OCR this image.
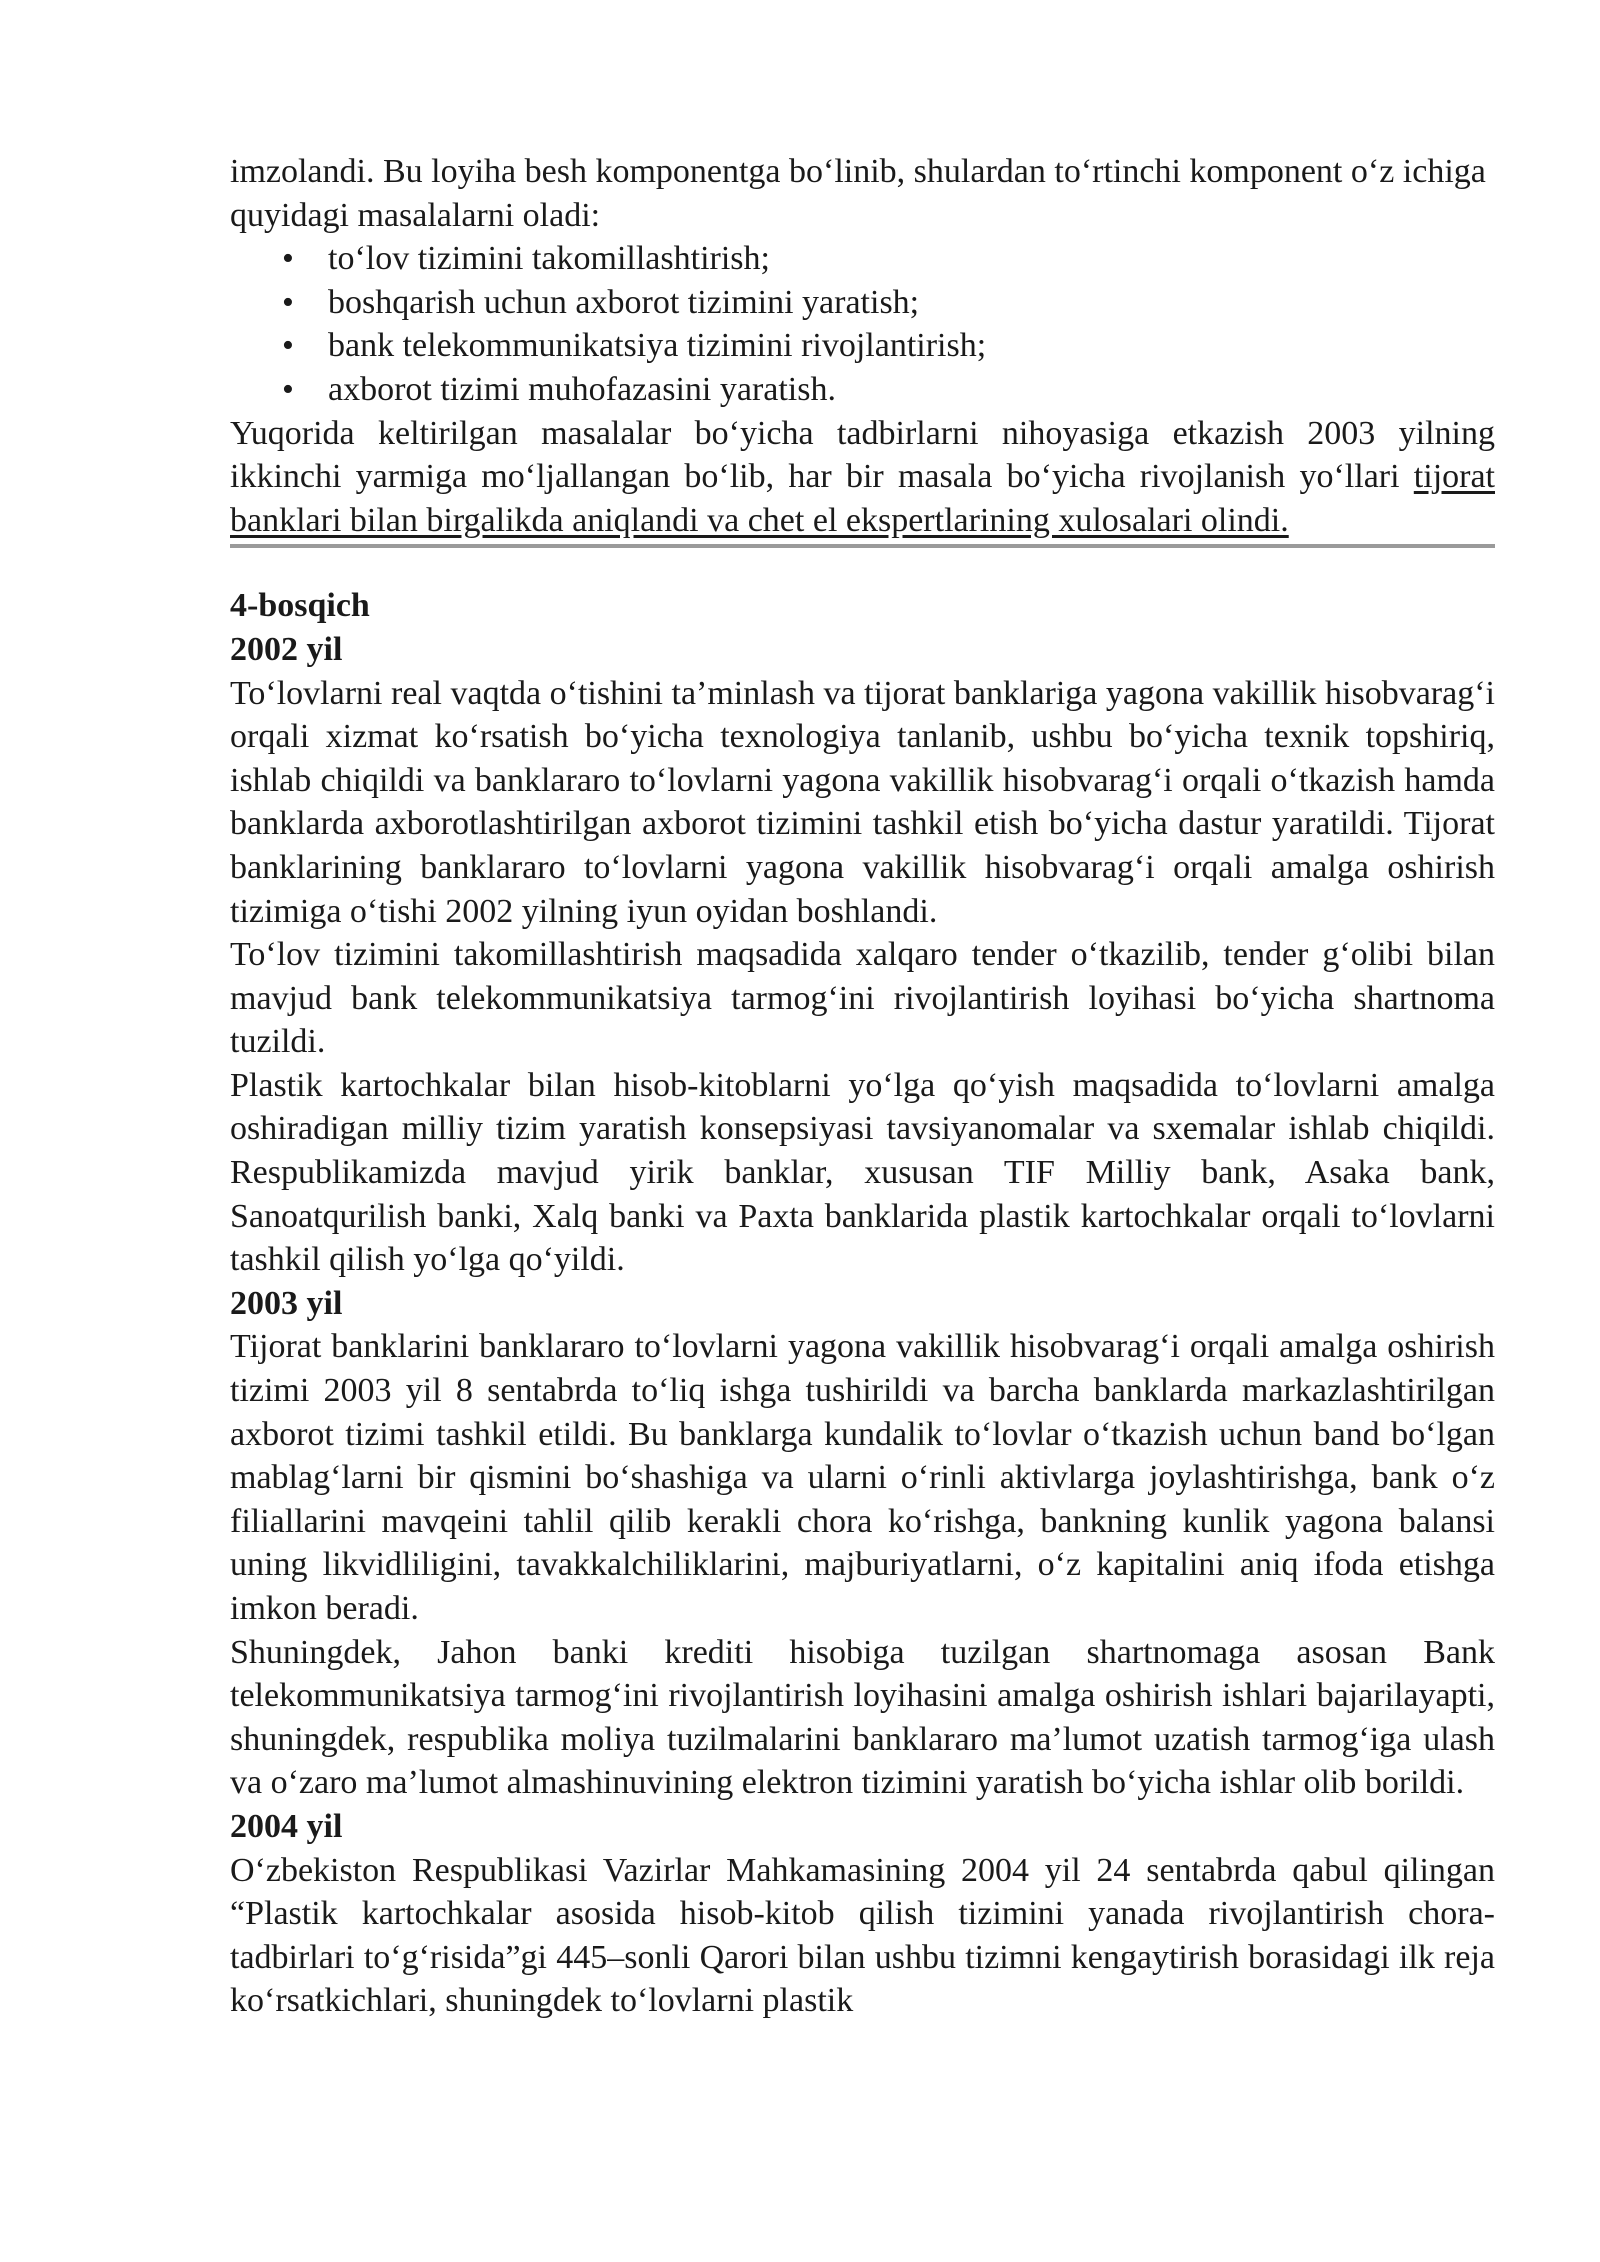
imzolandi. Bu loyiha besh komponentga bo‘linib, shulardan to‘rtinchi komponent o‘z ichiga quyidagi masalalarni oladi:

• to‘lov tizimini takomillashtirish;
• boshqarish uchun axborot tizimini yaratish;
• bank telekommunikatsiya tizimini rivojlantirish;
• axborot tizimi muhofazasini yaratish.

Yuqorida keltirilgan masalalar bo‘yicha tadbirlarni nihoyasiga etkazish 2003 yilning ikkinchi yarmiga mo‘ljallangan bo‘lib, har bir masala bo‘yicha rivojlanish yo‘llari tijorat banklari bilan birgalikda aniqlandi va chet el ekspertlarining xulosalari olindi.

4-bosqich
2002 yil

To‘lovlarni real vaqtda o‘tishini ta’minlash va tijorat banklariga yagona vakillik hisobvarag‘i orqali xizmat ko‘rsatish bo‘yicha texnologiya tanlanib, ushbu bo‘yicha texnik topshiriq, ishlab chiqildi va banklararo to‘lovlarni yagona vakillik hisobvarag‘i orqali o‘tkazish hamda banklarda axborotlashtirilgan axborot tizimini tashkil etish bo‘yicha dastur yaratildi. Tijorat banklarining banklararo to‘lovlarni yagona vakillik hisobvarag‘i orqali amalga oshirish tizimiga o‘tishi 2002 yilning iyun oyidan boshlandi.

To‘lov tizimini takomillashtirish maqsadida xalqaro tender o‘tkazilib, tender g‘olibi bilan mavjud bank telekommunikatsiya tarmog‘ini rivojlantirish loyihasi bo‘yicha shartnoma tuzildi.

Plastik kartochkalar bilan hisob-kitoblarni yo‘lga qo‘yish maqsadida to‘lovlarni amalga oshiradigan milliy tizim yaratish konsepsiyasi tavsiyanomalar va sxemalar ishlab chiqildi. Respublikamizda mavjud yirik banklar, xususan TIF Milliy bank, Asaka bank, Sanoatqurilish banki, Xalq banki va Paxta banklarida plastik kartochkalar orqali to‘lovlarni tashkil qilish yo‘lga qo‘yildi.

2003 yil

Tijorat banklarini banklararo to‘lovlarni yagona vakillik hisobvarag‘i orqali amalga oshirish tizimi 2003 yil 8 sentabrda to‘liq ishga tushirildi va barcha banklarda markazlashtirilgan axborot tizimi tashkil etildi. Bu banklarga kundalik to‘lovlar o‘tkazish uchun band bo‘lgan mablag‘larni bir qismini bo‘shashiga va ularni o‘rinli aktivlarga joylashtirishga, bank o‘z filiallarini mavqeini tahlil qilib kerakli chora ko‘rishga, bankning kunlik yagona balansi uning likvidliligini, tavakkalchiliklarini, majburiyatlarni, o‘z kapitalini aniq ifoda etishga imkon beradi.

Shuningdek, Jahon banki krediti hisobiga tuzilgan shartnomaga asosan Bank telekommunikatsiya tarmog‘ini rivojlantirish loyihasini amalga oshirish ishlari bajarilayapti, shuningdek, respublika moliya tuzilmalarini banklararo ma’lumot uzatish tarmog‘iga ulash va o‘zaro ma’lumot almashinuvining elektron tizimini yaratish bo‘yicha ishlar olib borildi.

2004 yil

O‘zbekiston Respublikasi Vazirlar Mahkamasining 2004 yil 24 sentabrda qabul qilingan “Plastik kartochkalar asosida hisob-kitob qilish tizimini yanada rivojlantirish chora-tadbirlari to‘g‘risida”gi 445–sonli Qarori bilan ushbu tizimni kengaytirish borasidagi ilk reja ko‘rsatkichlari, shuningdek to‘lovlarni plastik
